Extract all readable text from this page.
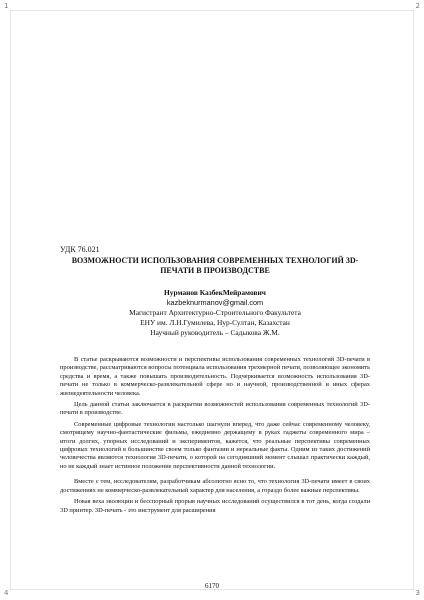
1	2
3
4
УДК 76.021
ВОЗМОЖНОСТИ ИСПОЛЬЗОВАНИЯ СОВРЕМЕННЫХ ТЕХНОЛОГИЙ 3D-ПЕЧАТИ В ПРОИЗВОДСТВЕ
Нурманов КазбекМейрамович
kazbeknurmanov@gmail.com
Магистрант Архитектурно-Строительного Факультета
ЕНУ им. Л.Н.Гумилева, Нур-Султан, Казахстан
Научный руководитель – Садыкова Ж.М.

В статье раскрываются возможности и перспективы использования современных технологий 3D-печати в производстве, рассматриваются вопросы потенциала использования трехмерной печати, позволяющее экономить средства и время, а также повышать производительность. Подчеркивается возможность использования 3D-печати не только в коммерческо-развлекательной сфере но и научной, производственной и иных сферах жизнедеятельности человека.

Цель данной статьи заключается в раскрытии возможностей использования современных технологий 3D-печати в производстве.

Современные цифровые технологии настолько шагнули вперед, что даже сейчас современному человеку, смотрящему научно-фантастические фильмы, ежедневно держащему в руках гаджеты современного мира – итоги долгих, упорных исследований и экспериментов, кажется, что реальные перспективы современных цифровых технологий в большинстве своем только фантазии и нереальные факты. Одним из таких достижений человечества являются технология 3D-печати, о которой на сегодняшний момент слышал практически каждый, но не каждый знает истинное положение перспективности данной технологии.

Вместе с тем, исследователям, разработчикам абсолютно ясно то, что технология 3D-печати имеет в своих достижениях не коммерческо-развлекательный характер для населения, а гораздо более важные перспективы.

Новая веха эволюции и бесспорный прорыв научных исследований осуществился в тот день, когда создали 3D принтер. 3D-печать - это инструмент для расширения

6170
